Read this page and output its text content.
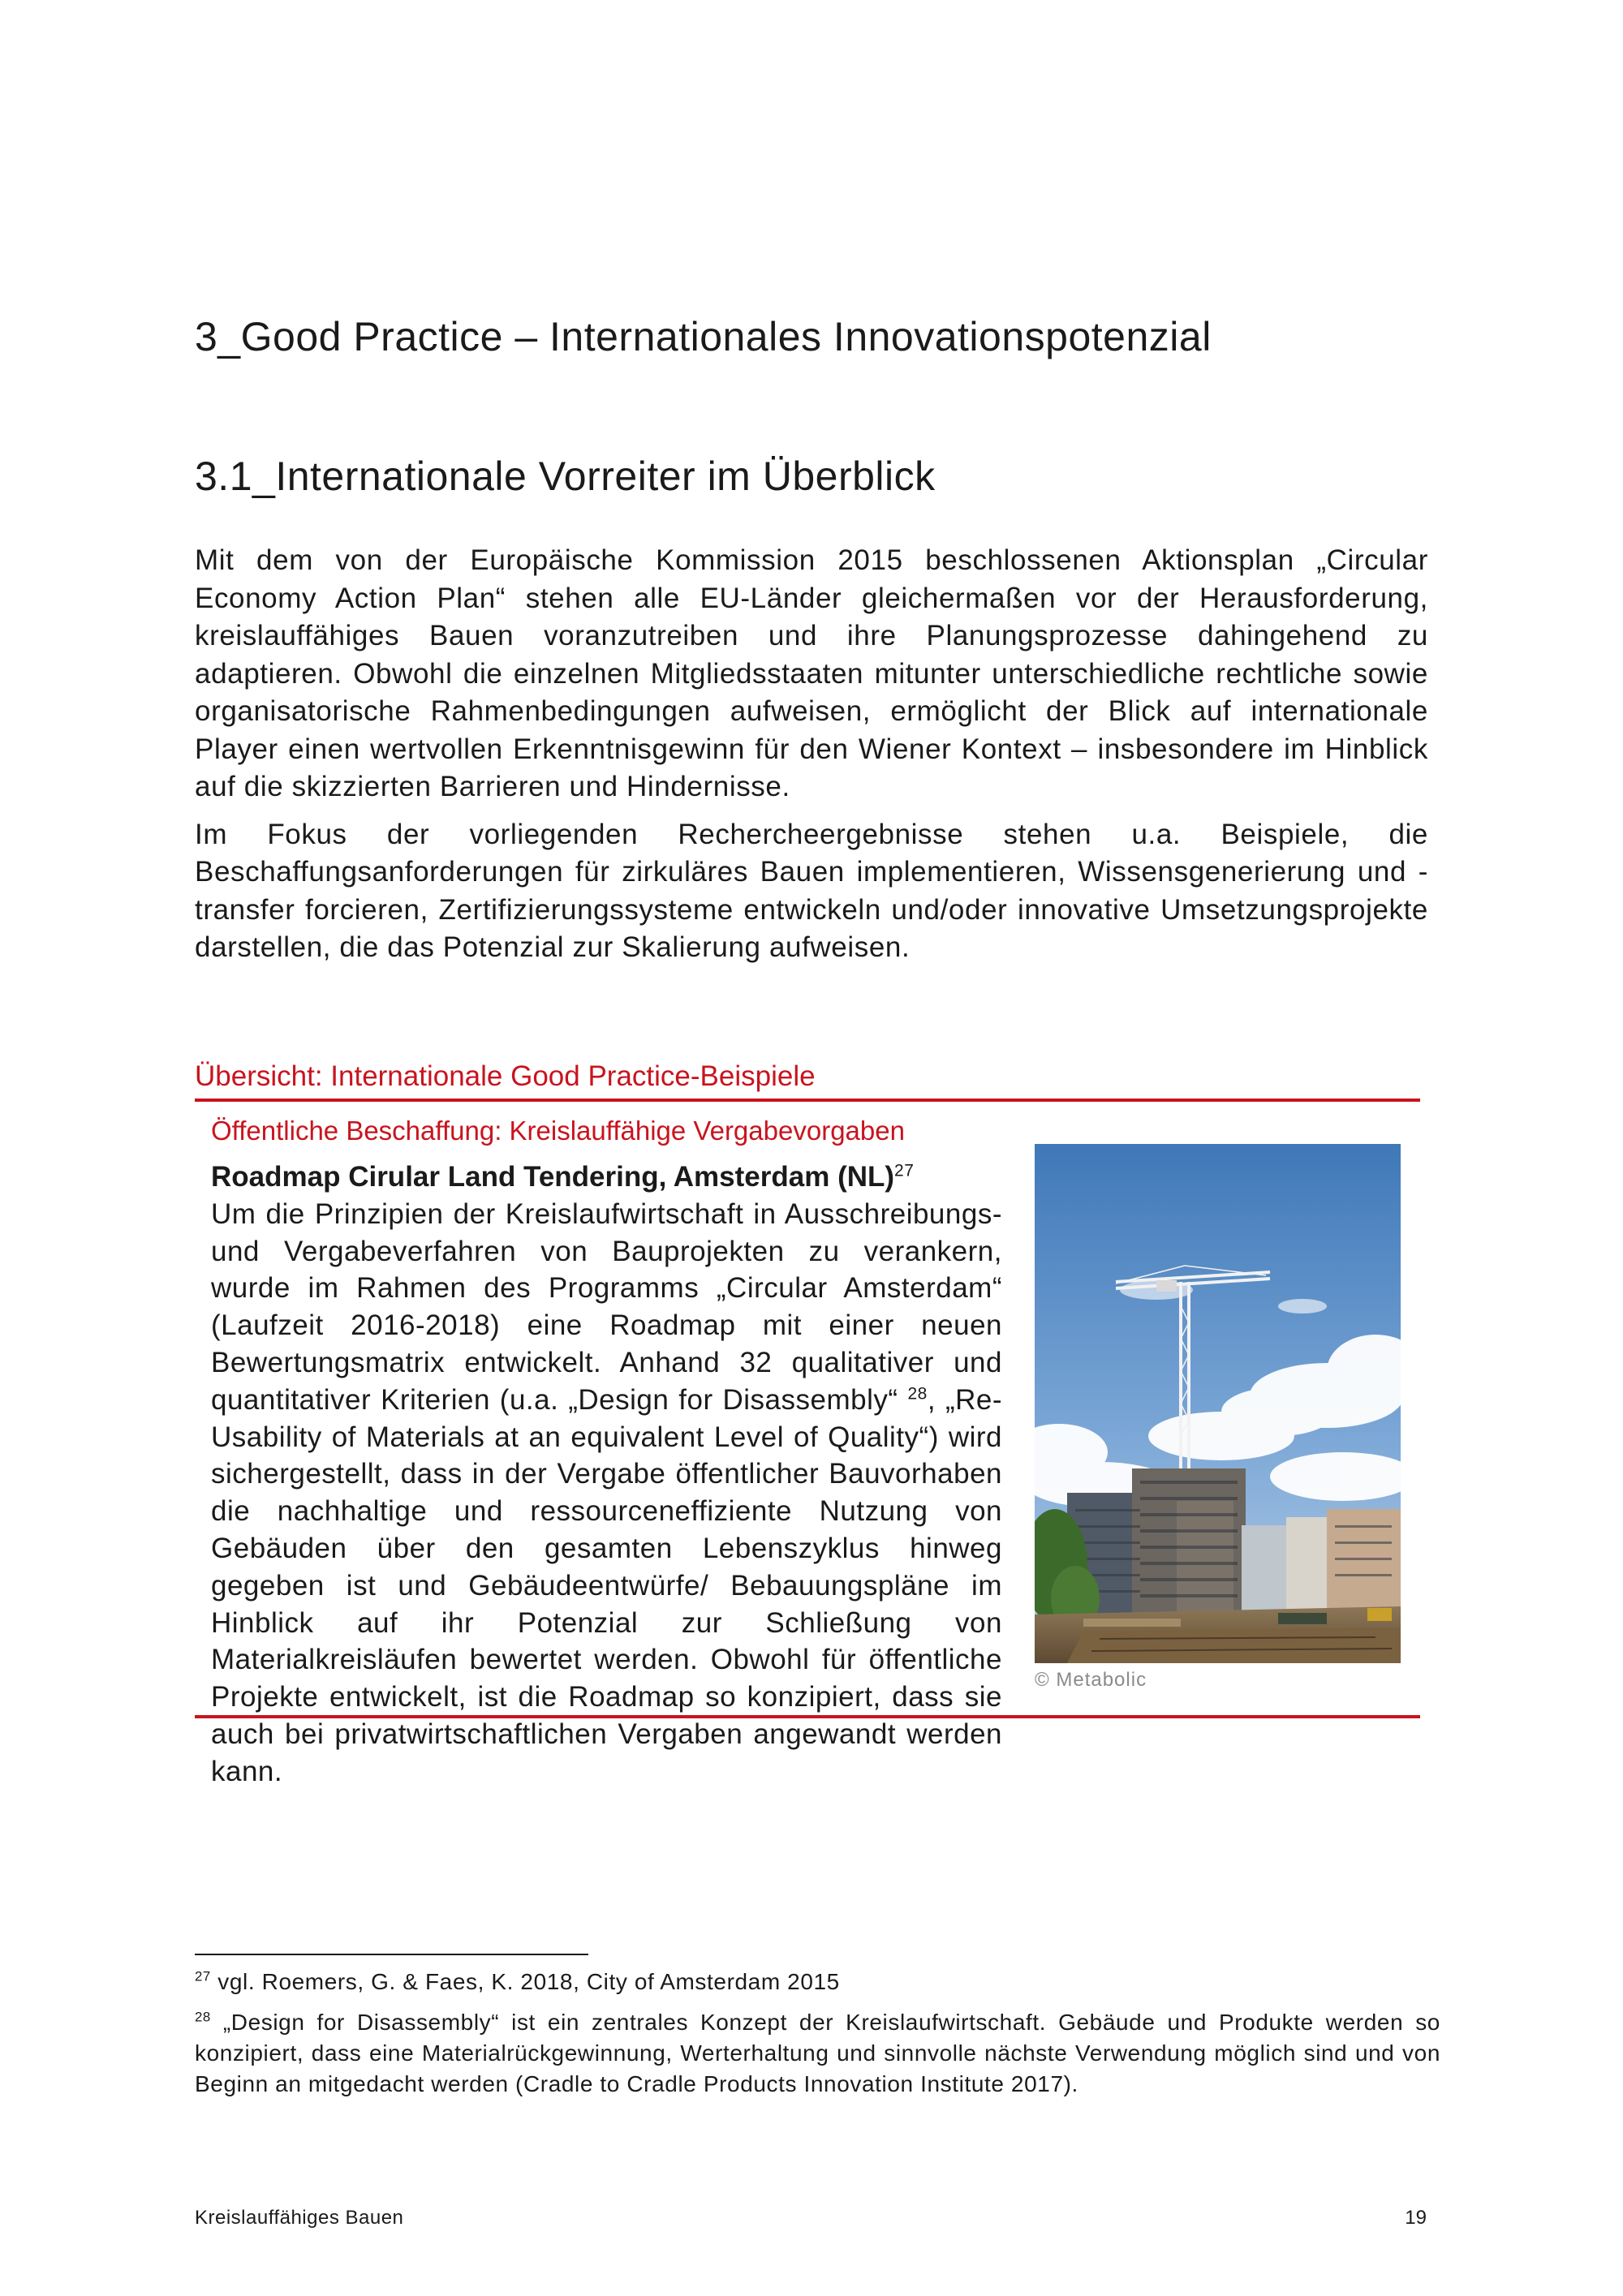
3_Good Practice – Internationales Innovationspotenzial
3.1_Internationale Vorreiter im Überblick

Mit dem von der Europäische Kommission 2015 beschlossenen Aktionsplan „Circular Economy Action Plan“ stehen alle EU-Länder gleichermaßen vor der Herausforderung, kreislauffähiges Bauen voranzutreiben und ihre Planungsprozesse dahingehend zu adaptieren. Obwohl die einzelnen Mitgliedsstaaten mitunter unterschiedliche rechtliche sowie organisatorische Rahmenbedingungen aufweisen, ermöglicht der Blick auf internationale Player einen wertvollen Erkenntnisgewinn für den Wiener Kontext – insbesondere im Hinblick auf die skizzierten Barrieren und Hindernisse.

Im Fokus der vorliegenden Rechercheergebnisse stehen u.a. Beispiele, die Beschaffungsanforderungen für zirkuläres Bauen implementieren, Wissensgenerierung und -transfer forcieren, Zertifizierungssysteme entwickeln und/oder innovative Umsetzungsprojekte darstellen, die das Potenzial zur Skalierung aufweisen.

Übersicht: Internationale Good Practice-Beispiele
Öffentliche Beschaffung: Kreislauffähige Vergabevorgaben

Roadmap Cirular Land Tendering, Amsterdam (NL)$^{27}$

Um die Prinzipien der Kreislaufwirtschaft in Ausschreibungs- und Vergabeverfahren von Bauprojekten zu verankern, wurde im Rahmen des Programms „Circular Amsterdam“ (Laufzeit 2016-2018) eine Roadmap mit einer neuen Bewertungsmatrix entwickelt. Anhand 32 qualitativer und quantitativer Kriterien (u.a. „Design for Disassembly“ $^{28}$, „Re-Usability of Materials at an equivalent Level of Quality“) wird sichergestellt, dass in der Vergabe öffentlicher Bauvorhaben die nachhaltige und ressourceneffiziente Nutzung von Gebäuden über den gesamten Lebenszyklus hinweg gegeben ist und Gebäudeentwürfe/ Bebauungspläne im Hinblick auf ihr Potenzial zur Schließung von Materialkreisläufen bewertet werden. Obwohl für öffentliche Projekte entwickelt, ist die Roadmap so konzipiert, dass sie auch bei privatwirtschaftlichen Vergaben angewandt werden kann.

© Metabolic

$^{27}$ vgl. Roemers, G. & Faes, K. 2018, City of Amsterdam 2015

$^{28}$ „Design for Disassembly“ ist ein zentrales Konzept der Kreislaufwirtschaft. Gebäude und Produkte werden so konzipiert, dass eine Materialrückgewinnung, Werterhaltung und sinnvolle nächste Verwendung möglich sind und von Beginn an mitgedacht werden (Cradle to Cradle Products Innovation Institute 2017).

Kreislauffähiges Bauen	19
